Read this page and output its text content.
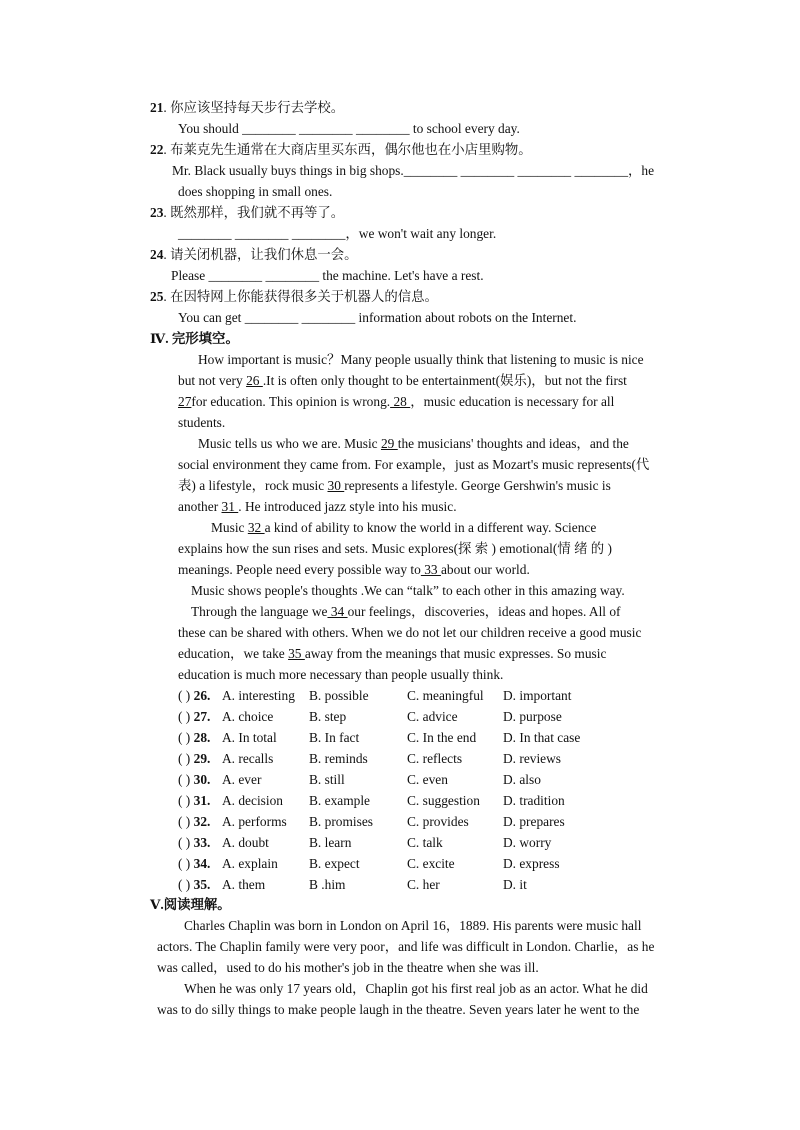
21. 你应该坚持每天步行去学校。
You should ________ ________ ________ to school every day.
22. 布莱克先生通常在大商店里买东西，偶尔他也在小店里购物。
Mr. Black usually buys things in big shops.________ ________ ________ ________，he
does shopping in small ones.
23. 既然那样，我们就不再等了。
________ ________ ________，we won't wait any longer.
24. 请关闭机器，让我们休息一会。
Please ________ ________ the machine. Let's have a rest.
25. 在因特网上你能获得很多关于机器人的信息。
You can get ________ ________ information about robots on the Internet.
Ⅳ. 完形填空。
How important is music？Many people usually think that listening to music is nice
but not very 26 .It is often only thought to be entertainment(娱乐)，but not the first
27for education. This opinion is wrong. 28 ，music education is necessary for all
students.
Music tells us who we are. Music 29 the musicians' thoughts and ideas，and the
social environment they came from. For example，just as Mozart's music represents(代
表) a lifestyle，rock music 30 represents a lifestyle. George Gershwin's music is
another 31 . He introduced jazz style into his music.
Music 32 a kind of ability to know the world in a different way. Science
explains how the sun rises and sets. Music explores(探 索 ) emotional(情 绪 的 )
meanings. People need every possible way to 33 about our world.
Music shows people's thoughts .We can “talk” to each other in this amazing way.
Through the language we 34 our feelings，discoveries，ideas and hopes. All of
these can be shared with others. When we do not let our children receive a good music
education，we take 35 away from the meanings that music expresses. So music
education is much more necessary than people usually think.
( ) 26. A. interesting B. possible	C. meaningful D. important
( ) 27. A. choice	B. step	C. advice	D. purpose
( ) 28. A. In total B. In fact	C. In the end D. In that case
( ) 29. A. recalls	B. reminds	C. reflects	D. reviews
( ) 30. A. ever	B. still	C. even	D. also
( ) 31. A. decision B. example	C. suggestion D. tradition
( ) 32. A. performs B. promises	C. provides	D. prepares
( ) 33. A. doubt	B. learn	C. talk	D. worry
( ) 34. A. explain B. expect	C. excite	D. express
( ) 35. A. them	B .him	C. her	D. it
Ⅴ.阅读理解。
Charles Chaplin was born in London on April 16，1889. His parents were music hall
actors. The Chaplin family were very poor，and life was difficult in London. Charlie，as he
was called，used to do his mother's job in the theatre when she was ill.
When he was only 17 years old，Chaplin got his first real job as an actor. What he did
was to do silly things to make people laugh in the theatre. Seven years later he went to the
